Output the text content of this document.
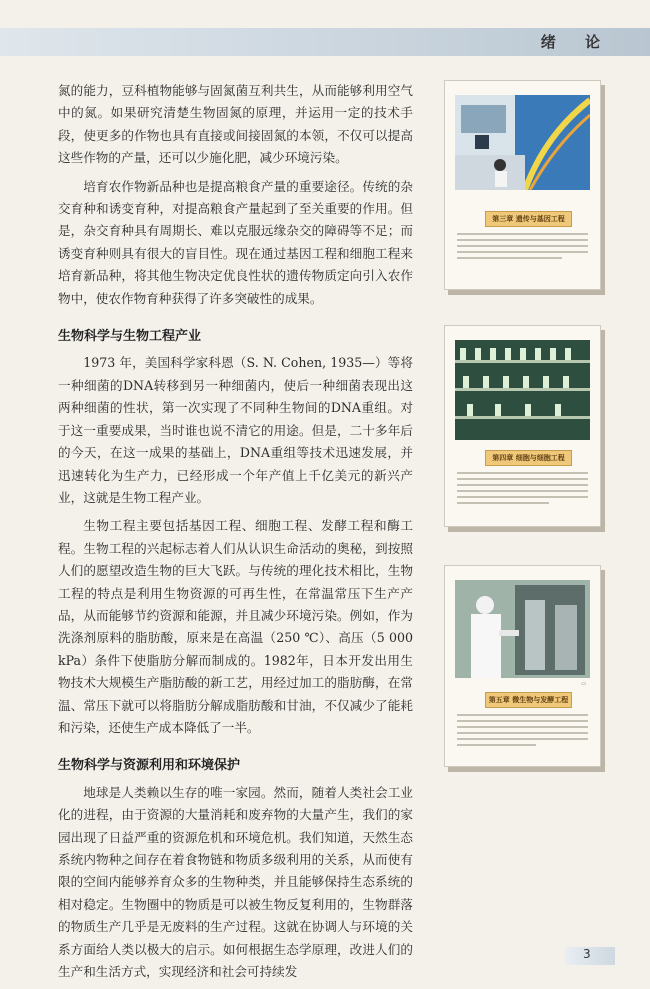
绪 论

氮的能力，豆科植物能够与固氮菌互利共生，从而能够利用空气中的氮。如果研究清楚生物固氮的原理，并运用一定的技术手段，使更多的作物也具有直接或间接固氮的本领，不仅可以提高这些作物的产量，还可以少施化肥，减少环境污染。

培育农作物新品种也是提高粮食产量的重要途径。传统的杂交育种和诱变育种，对提高粮食产量起到了至关重要的作用。但是，杂交育种具有周期长、难以克服远缘杂交的障碍等不足；而诱变育种则具有很大的盲目性。现在通过基因工程和细胞工程来培育新品种，将其他生物决定优良性状的遗传物质定向引入农作物中，使农作物育种获得了许多突破性的成果。

生物科学与生物工程产业

1973 年，美国科学家科恩（S. N. Cohen, 1935—）等将一种细菌的DNA转移到另一种细菌内，使后一种细菌表现出这两种细菌的性状，第一次实现了不同种生物间的DNA重组。对于这一重要成果，当时谁也说不清它的用途。但是，二十多年后的今天，在这一成果的基础上，DNA重组等技术迅速发展，并迅速转化为生产力，已经形成一个年产值上千亿美元的新兴产业，这就是生物工程产业。

生物工程主要包括基因工程、细胞工程、发酵工程和酶工程。生物工程的兴起标志着人们从认识生命活动的奥秘，到按照人们的愿望改造生物的巨大飞跃。与传统的理化技术相比，生物工程的特点是利用生物资源的可再生性，在常温常压下生产产品，从而能够节约资源和能源，并且减少环境污染。例如，作为洗涤剂原料的脂肪酸，原来是在高温（250 ℃）、高压（5 000 kPa）条件下使脂肪分解而制成的。1982年，日本开发出用生物技术大规模生产脂肪酸的新工艺，用经过加工的脂肪酶，在常温、常压下就可以将脂肪分解成脂肪酸和甘油，不仅减少了能耗和污染，还使生产成本降低了一半。

生物科学与资源利用和环境保护

地球是人类赖以生存的唯一家园。然而，随着人类社会工业化的进程，由于资源的大量消耗和废弃物的大量产生，我们的家园出现了日益严重的资源危机和环境危机。我们知道，天然生态系统内物种之间存在着食物链和物质多级利用的关系，从而使有限的空间内能够养育众多的生物种类，并且能够保持生态系统的相对稳定。生物圈中的物质是可以被生物反复利用的，生物群落的物质生产几乎是无废料的生产过程。这就在协调人与环境的关系方面给人类以极大的启示。如何根据生态学原理，改进人们的生产和生活方式，实现经济和社会可持续发

第三章 遗传与基因工程
第四章 细胞与细胞工程
▭
第五章 微生物与发酵工程
3
